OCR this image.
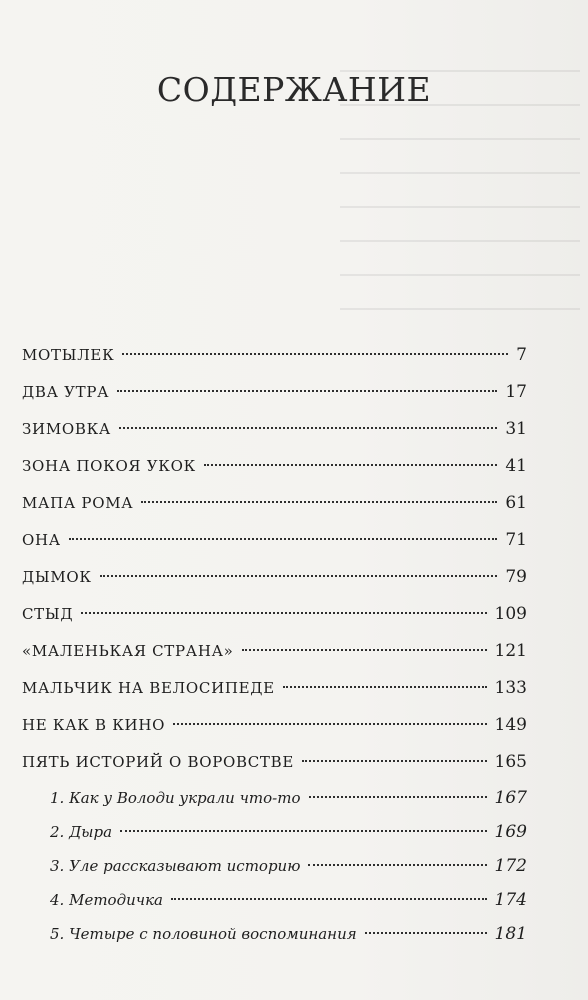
СОДЕРЖАНИЕ
МОТЫЛЕК	7
ДВА УТРА	17
ЗИМОВКА	31
ЗОНА ПОКОЯ УКОК	41
МАПА РОМА	61
ОНА	71
ДЫМОК	79
СТЫД	109
«МАЛЕНЬКАЯ СТРАНА»	121
МАЛЬЧИК НА ВЕЛОСИПЕДЕ	133
НЕ КАК В КИНО	149
ПЯТЬ ИСТОРИЙ О ВОРОВСТВЕ	165
1. Как у Володи украли что-то	167
2. Дыра	169
3. Уле рассказывают историю	172
4. Методичка	174
5. Четыре с половиной воспоминания	181
